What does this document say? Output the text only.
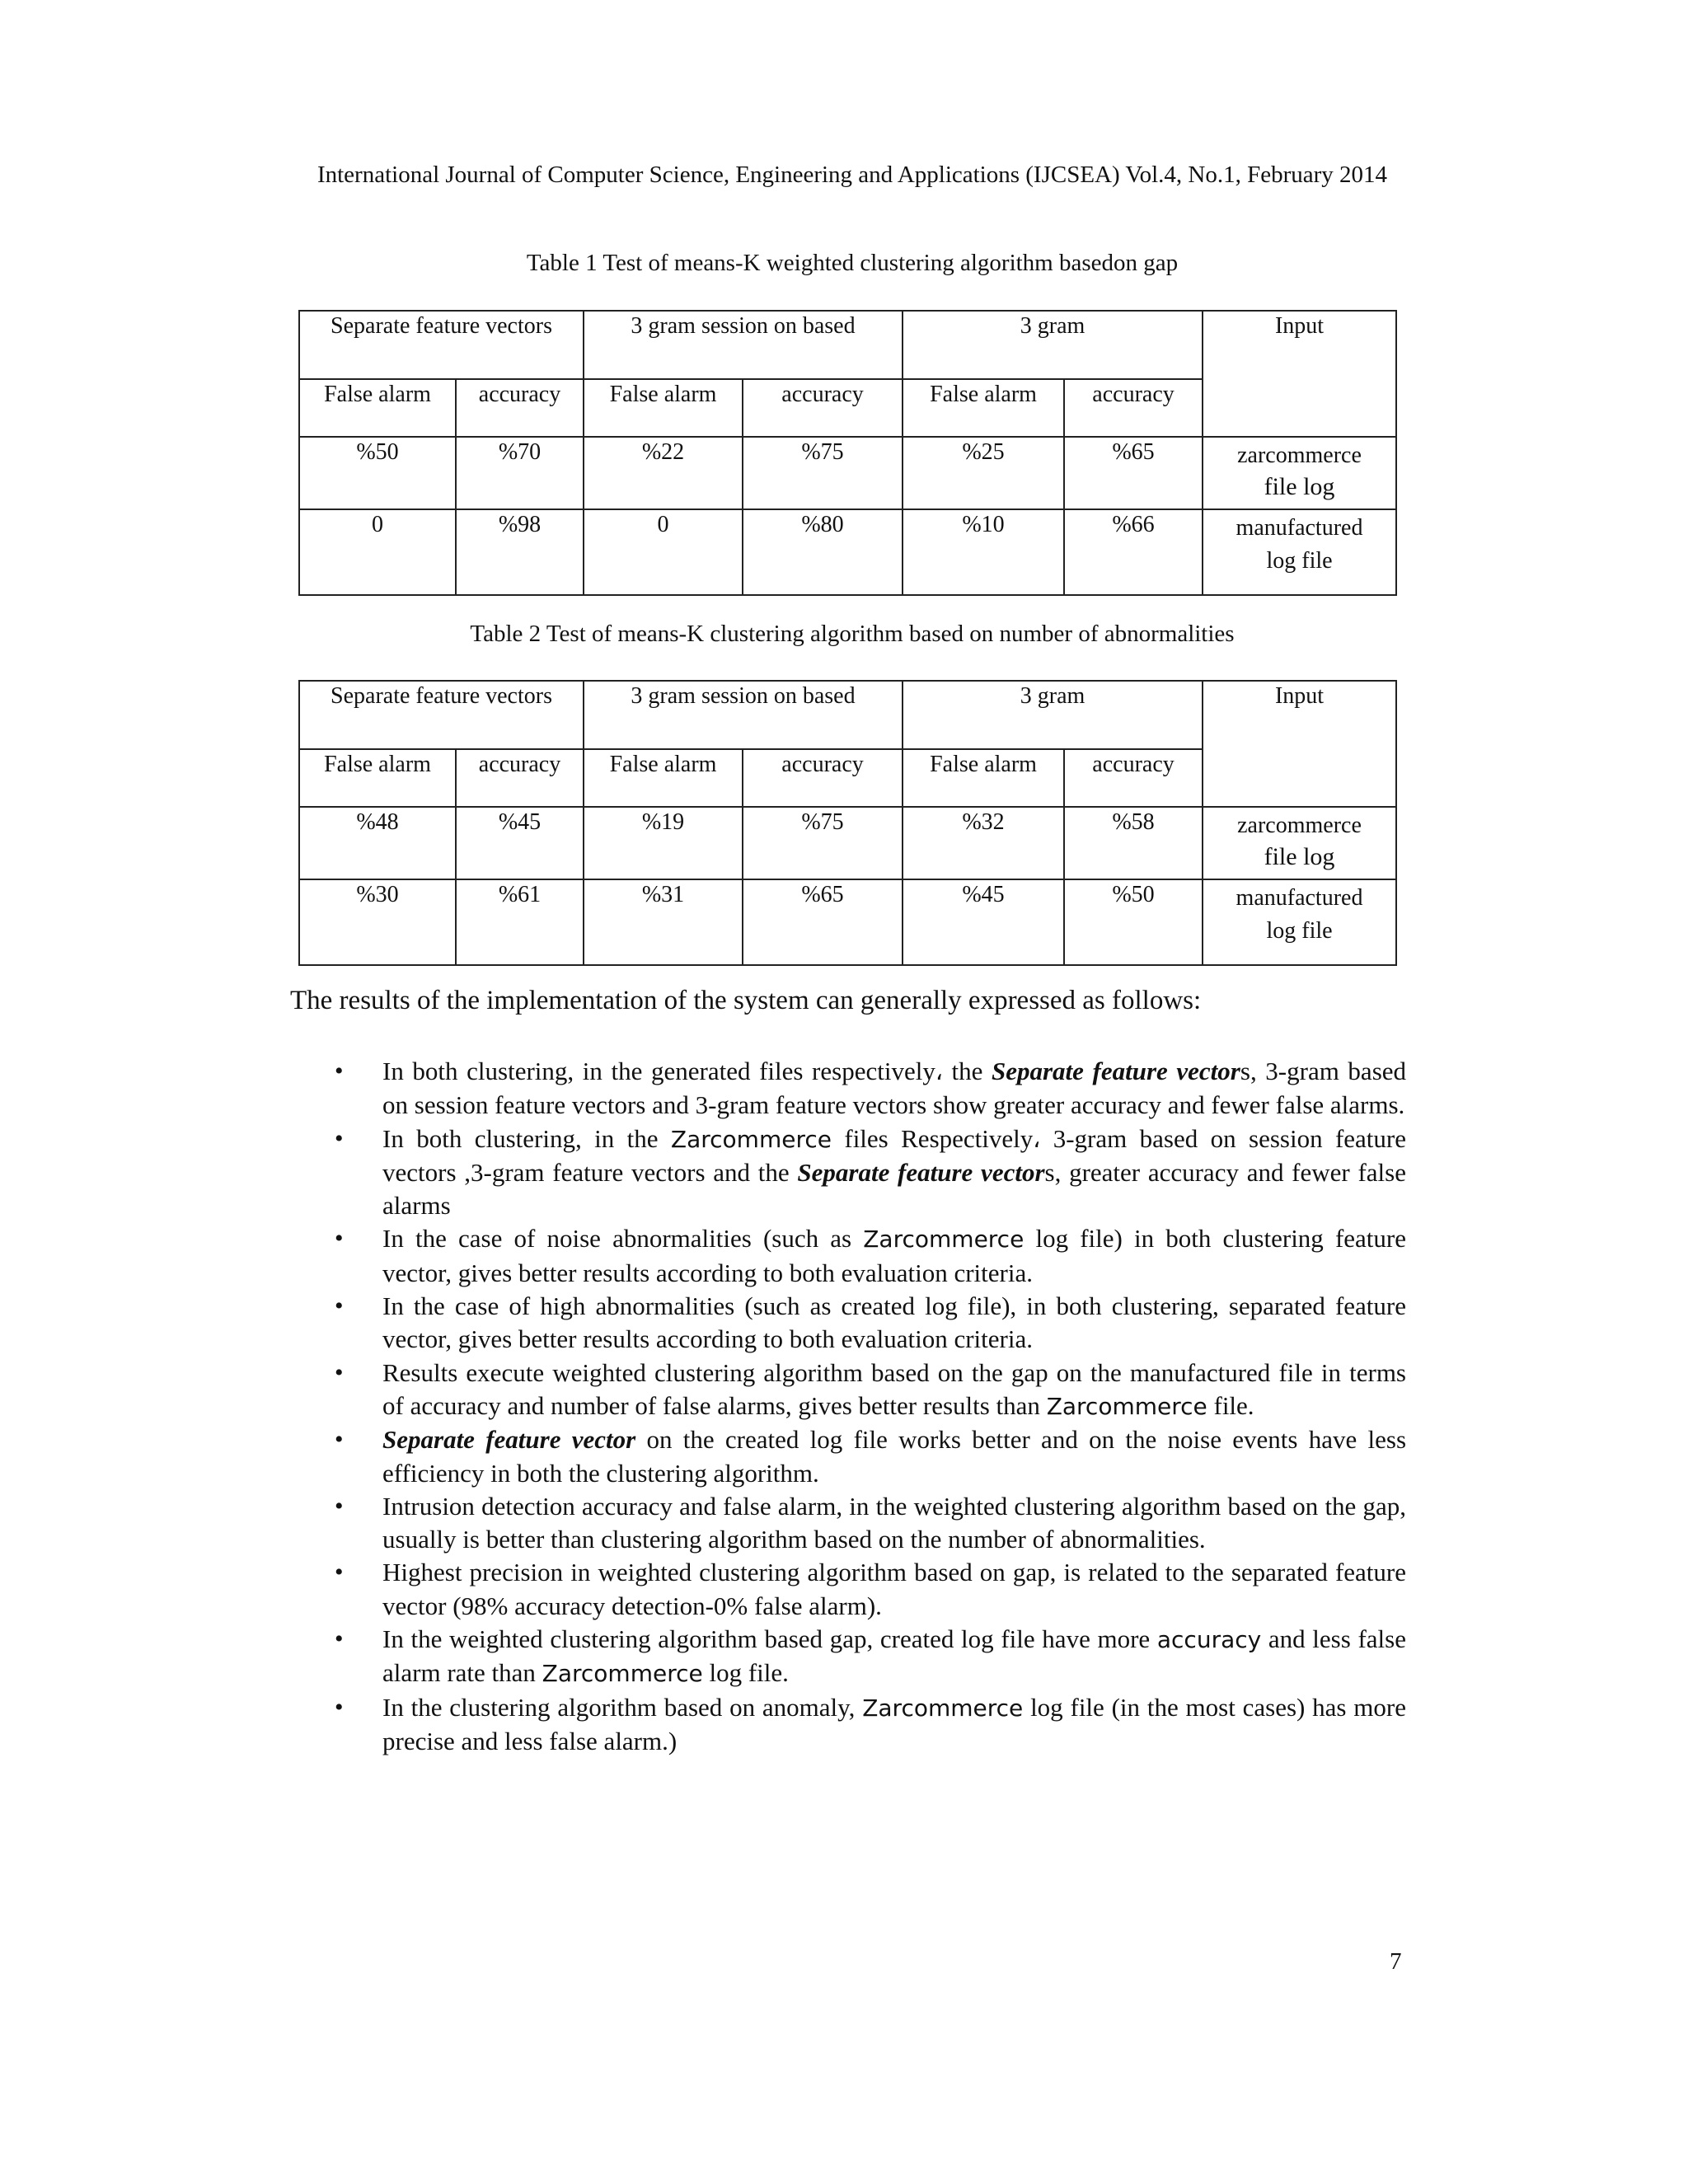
International Journal of Computer Science, Engineering and Applications (IJCSEA) Vol.4, No.1, February 2014
Table 1 Test of means-K weighted clustering algorithm basedon gap
Separate feature vectors		3 gram session on based		3 gram		Input
False alarm	accuracy	False alarm	accuracy	False alarm	accuracy	
%50	%70	%22	%75	%25	%65	zarcommerce
file log

0	%98	0	%80	%10	%66	manufactured
log file
Table 2 Test of means-K clustering algorithm based on number of abnormalities
Separate feature vectors		3 gram session on based		3 gram		Input
False alarm	accuracy	False alarm	accuracy	False alarm	accuracy	
%48	%45	%19	%75	%32	%58	zarcommerce
file log

%30	%61	%31	%65	%45	%50	manufactured
log file
The results of the implementation of the system can generally expressed as follows:
• In both clustering, in the generated files respectively، the Separate feature vectors, 3-gram based on session feature vectors and 3-gram feature vectors show greater accuracy and fewer false alarms.
• In both clustering, in the Zarcommerce files Respectively، 3-gram based on session feature vectors ,3-gram feature vectors and the Separate feature vectors, greater accuracy and fewer false alarms
• In the case of noise abnormalities (such as Zarcommerce log file) in both clustering feature vector, gives better results according to both evaluation criteria.
• In the case of high abnormalities (such as created log file), in both clustering, separated feature vector, gives better results according to both evaluation criteria.
• Results execute weighted clustering algorithm based on the gap on the manufactured file in terms of accuracy and number of false alarms, gives better results than Zarcommerce file.
• Separate feature vector on the created log file works better and on the noise events have less efficiency in both the clustering algorithm.
• Intrusion detection accuracy and false alarm, in the weighted clustering algorithm based on the gap, usually is better than clustering algorithm based on the number of abnormalities.
• Highest precision in weighted clustering algorithm based on gap, is related to the separated feature vector (98% accuracy detection-0% false alarm).
• In the weighted clustering algorithm based gap, created log file have more accuracy and less false alarm rate than Zarcommerce log file.
• In the clustering algorithm based on anomaly, Zarcommerce log file (in the most cases) has more precise and less false alarm.)
7
